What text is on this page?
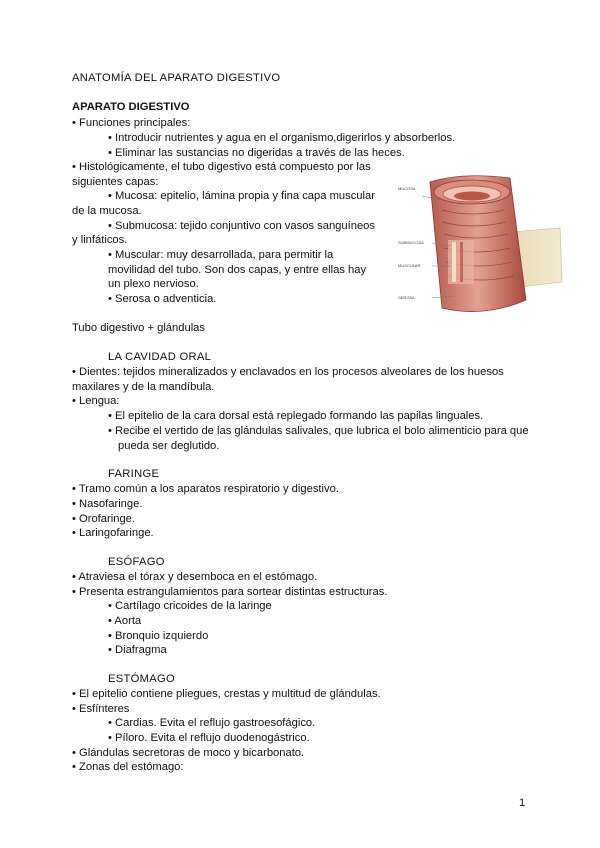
ANATOMÍA DEL APARATO DIGESTIVO
APARATO DIGESTIVO
• Funciones principales:
• Introducir nutrientes y agua en el organismo,digerirlos y absorberlos.
• Eliminar las sustancias no digeridas a través de las heces.
• Histológicamente, el tubo digestivo está compuesto por las
siguientes capas:
• Mucosa: epitelio, lámina propia y fina capa muscular
de la mucosa.
• Submucosa: tejido conjuntivo con vasos sanguíneos
y linfáticos.
• Muscular: muy desarrollada, para permitir la
movilidad del tubo. Son dos capas, y entre ellas hay
un plexo nervioso.
• Serosa o adventicia.
Tubo digestivo + glándulas
MUCOSA
SUBMUCOSA
MUSCULAR
SEROSA
LA CAVIDAD ORAL
• Dientes: tejidos mineralizados y enclavados en los procesos alveolares de los huesos
maxilares y de la mandíbula.
• Lengua:
• El epitelio de la cara dorsal está replegado formando las papilas linguales.
• Recibe el vertido de las glándulas salivales, que lubrica el bolo alimenticio para que
pueda ser deglutido.
FARINGE
• Tramo común a los aparatos respiratorio y digestivo.
• Nasofaringe.
• Orofaringe.
• Laringofaringe.
ESÓFAGO
• Atraviesa el tórax y desemboca en el estómago.
• Presenta estrangulamientos para sortear distintas estructuras.
• Cartílago cricoides de la laringe
• Aorta
• Bronquio izquierdo
• Diafragma
ESTÓMAGO
• El epitelio contiene pliegues, crestas y multitud de glándulas.
• Esfínteres
• Cardias. Evita el reflujo gastroesofágico.
• Píloro. Evita el reflujo duodenogástrico.
• Glándulas secretoras de moco y bicarbonato.
• Zonas del estómago:
1
